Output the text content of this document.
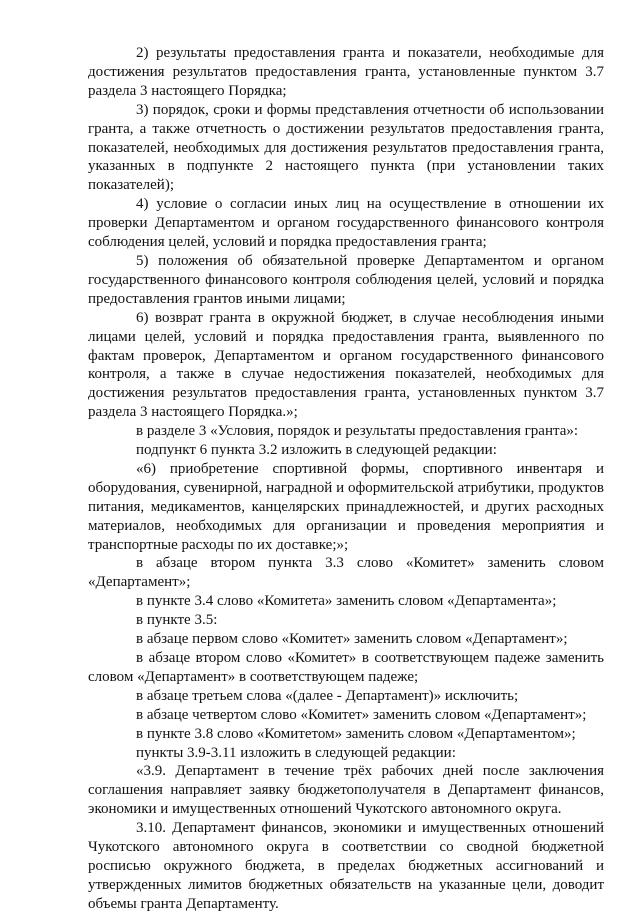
2) результаты предоставления гранта и показатели, необходимые для достижения результатов предоставления гранта, установленные пунктом 3.7 раздела 3 настоящего Порядка;

3) порядок, сроки и формы представления отчетности об использовании гранта, а также отчетность о достижении результатов предоставления гранта, показателей, необходимых для достижения результатов предоставления гранта, указанных в подпункте 2 настоящего пункта (при установлении таких показателей);

4) условие о согласии иных лиц на осуществление в отношении их проверки Департаментом и органом государственного финансового контроля соблюдения целей, условий и порядка предоставления гранта;

5) положения об обязательной проверке Департаментом и органом государственного финансового контроля соблюдения целей, условий и порядка предоставления грантов иными лицами;

6) возврат гранта в окружной бюджет, в случае несоблюдения иными лицами целей, условий и порядка предоставления гранта, выявленного по фактам проверок, Департаментом и органом государственного финансового контроля, а также в случае недостижения показателей, необходимых для достижения результатов предоставления гранта, установленных пунктом 3.7 раздела 3 настоящего Порядка.»;

в разделе 3 «Условия, порядок и результаты предоставления гранта»:

подпункт 6 пункта 3.2 изложить в следующей редакции:

«6) приобретение спортивной формы, спортивного инвентаря и оборудования, сувенирной, наградной и оформительской атрибутики, продуктов питания, медикаментов, канцелярских принадлежностей, и других расходных материалов, необходимых для организации и проведения мероприятия и транспортные расходы по их доставке;»;

в абзаце втором пункта 3.3 слово «Комитет» заменить словом «Департамент»;

в пункте 3.4 слово «Комитета» заменить словом «Департамента»;

в пункте 3.5:

в абзаце первом слово «Комитет» заменить словом «Департамент»;

в абзаце втором слово «Комитет» в соответствующем падеже заменить словом «Департамент» в соответствующем падеже;

в абзаце третьем слова «(далее - Департамент)» исключить;

в абзаце четвертом слово «Комитет» заменить словом «Департамент»;

в пункте 3.8 слово «Комитетом» заменить словом «Департаментом»;

пункты 3.9-3.11 изложить в следующей редакции:

«3.9. Департамент в течение трёх рабочих дней после заключения соглашения направляет заявку бюджетополучателя в Департамент финансов, экономики и имущественных отношений Чукотского автономного округа.

3.10. Департамент финансов, экономики и имущественных отношений Чукотского автономного округа в соответствии со сводной бюджетной росписью окружного бюджета, в пределах бюджетных ассигнований и утвержденных лимитов бюджетных обязательств на указанные цели, доводит объемы гранта Департаменту.
